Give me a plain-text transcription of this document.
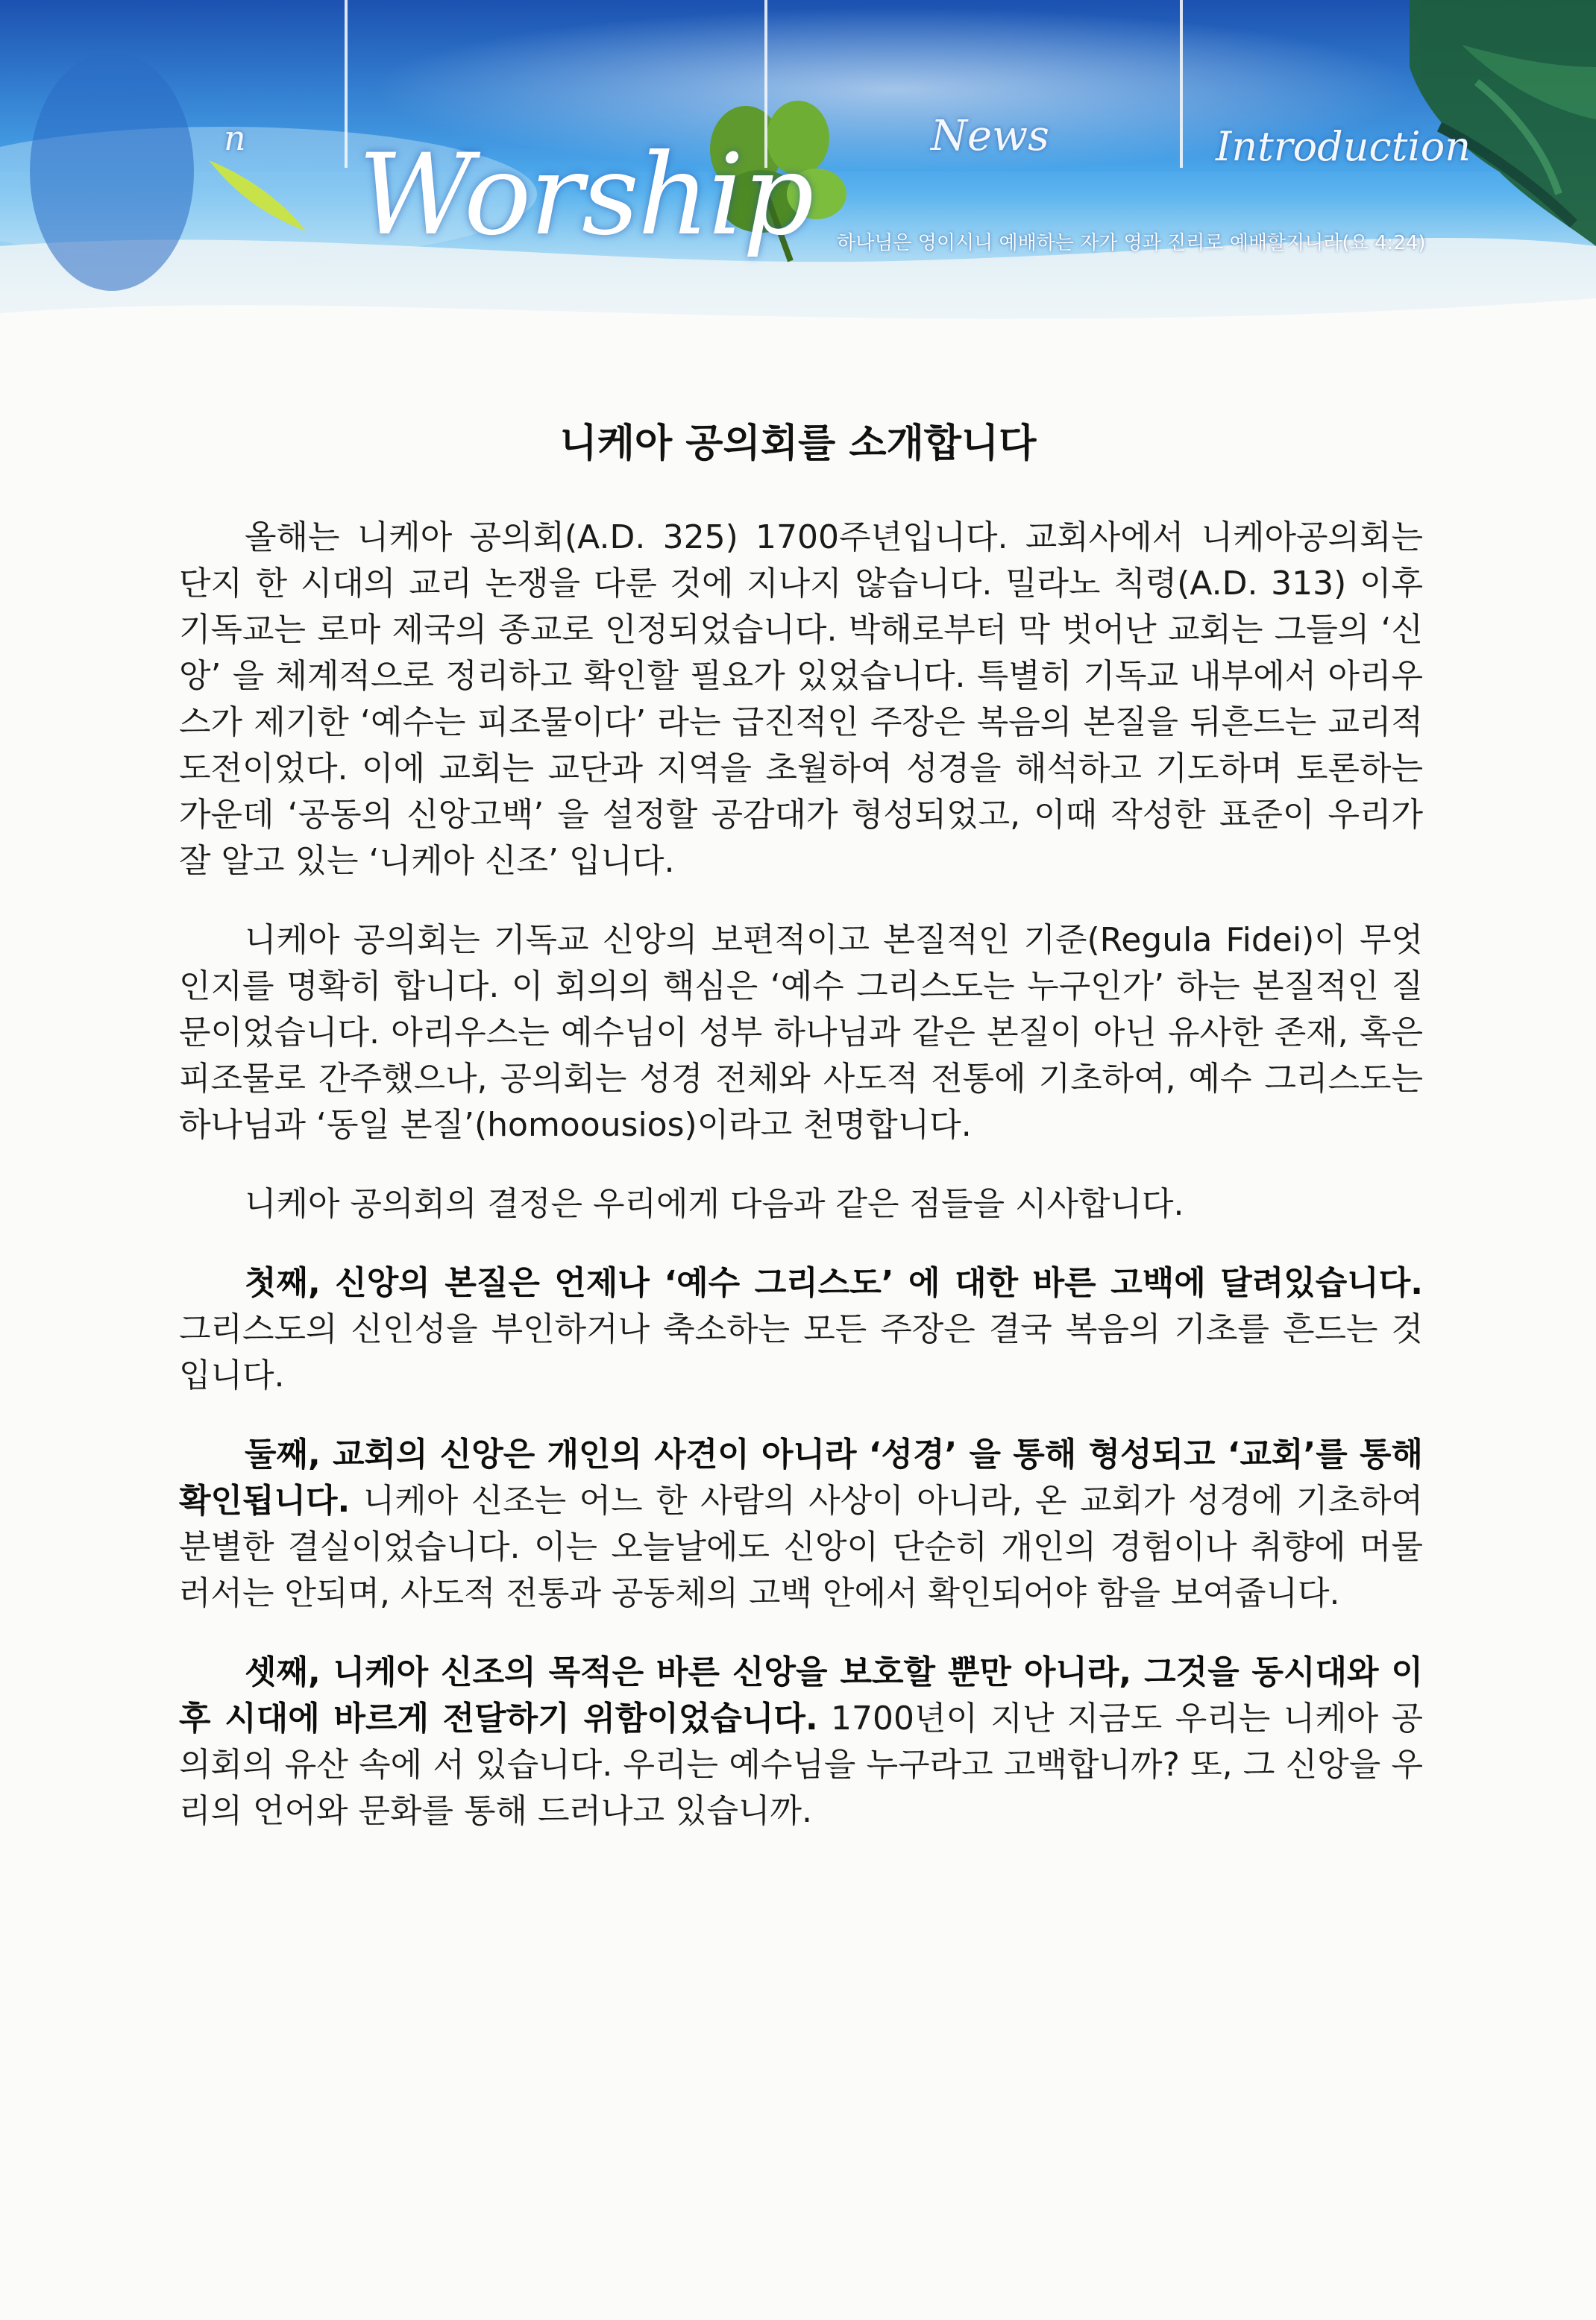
n	News	Introduction
Worship 하나님은 영이시니 예배하는 자가 영과 진리로 예배할지니라(요 4:24)
니케아 공의회를 소개합니다

올해는 니케아 공의회(A.D. 325) 1700주년입니다. 교회사에서 니케아공의회는 단지 한 시대의 교리 논쟁을 다룬 것에 지나지 않습니다. 밀라노 칙령(A.D. 313) 이후 기독교는 로마 제국의 종교로 인정되었습니다. 박해로부터 막 벗어난 교회는 그들의 ‘신앙’ 을 체계적으로 정리하고 확인할 필요가 있었습니다. 특별히 기독교 내부에서 아리우스가 제기한 ‘예수는 피조물이다’ 라는 급진적인 주장은 복음의 본질을 뒤흔드는 교리적 도전이었다. 이에 교회는 교단과 지역을 초월하여 성경을 해석하고 기도하며 토론하는 가운데 ‘공동의 신앙고백’ 을 설정할 공감대가 형성되었고, 이때 작성한 표준이 우리가 잘 알고 있는 ‘니케아 신조’ 입니다.

니케아 공의회는 기독교 신앙의 보편적이고 본질적인 기준(Regula Fidei)이 무엇인지를 명확히 합니다. 이 회의의 핵심은 ‘예수 그리스도는 누구인가’ 하는 본질적인 질문이었습니다. 아리우스는 예수님이 성부 하나님과 같은 본질이 아닌 유사한 존재, 혹은 피조물로 간주했으나, 공의회는 성경 전체와 사도적 전통에 기초하여, 예수 그리스도는 하나님과 ‘동일 본질’(homoousios)이라고 천명합니다.

니케아 공의회의 결정은 우리에게 다음과 같은 점들을 시사합니다.

첫째, 신앙의 본질은 언제나 ‘예수 그리스도’ 에 대한 바른 고백에 달려있습니다. 그리스도의 신인성을 부인하거나 축소하는 모든 주장은 결국 복음의 기초를 흔드는 것입니다.

둘째, 교회의 신앙은 개인의 사견이 아니라 ‘성경’ 을 통해 형성되고 ‘교회’를 통해 확인됩니다. 니케아 신조는 어느 한 사람의 사상이 아니라, 온 교회가 성경에 기초하여 분별한 결실이었습니다. 이는 오늘날에도 신앙이 단순히 개인의 경험이나 취향에 머물러서는 안되며, 사도적 전통과 공동체의 고백 안에서 확인되어야 함을 보여줍니다.

셋째, 니케아 신조의 목적은 바른 신앙을 보호할 뿐만 아니라, 그것을 동시대와 이후 시대에 바르게 전달하기 위함이었습니다. 1700년이 지난 지금도 우리는 니케아 공의회의 유산 속에 서 있습니다. 우리는 예수님을 누구라고 고백합니까? 또, 그 신앙을 우리의 언어와 문화를 통해 드러나고 있습니까.
